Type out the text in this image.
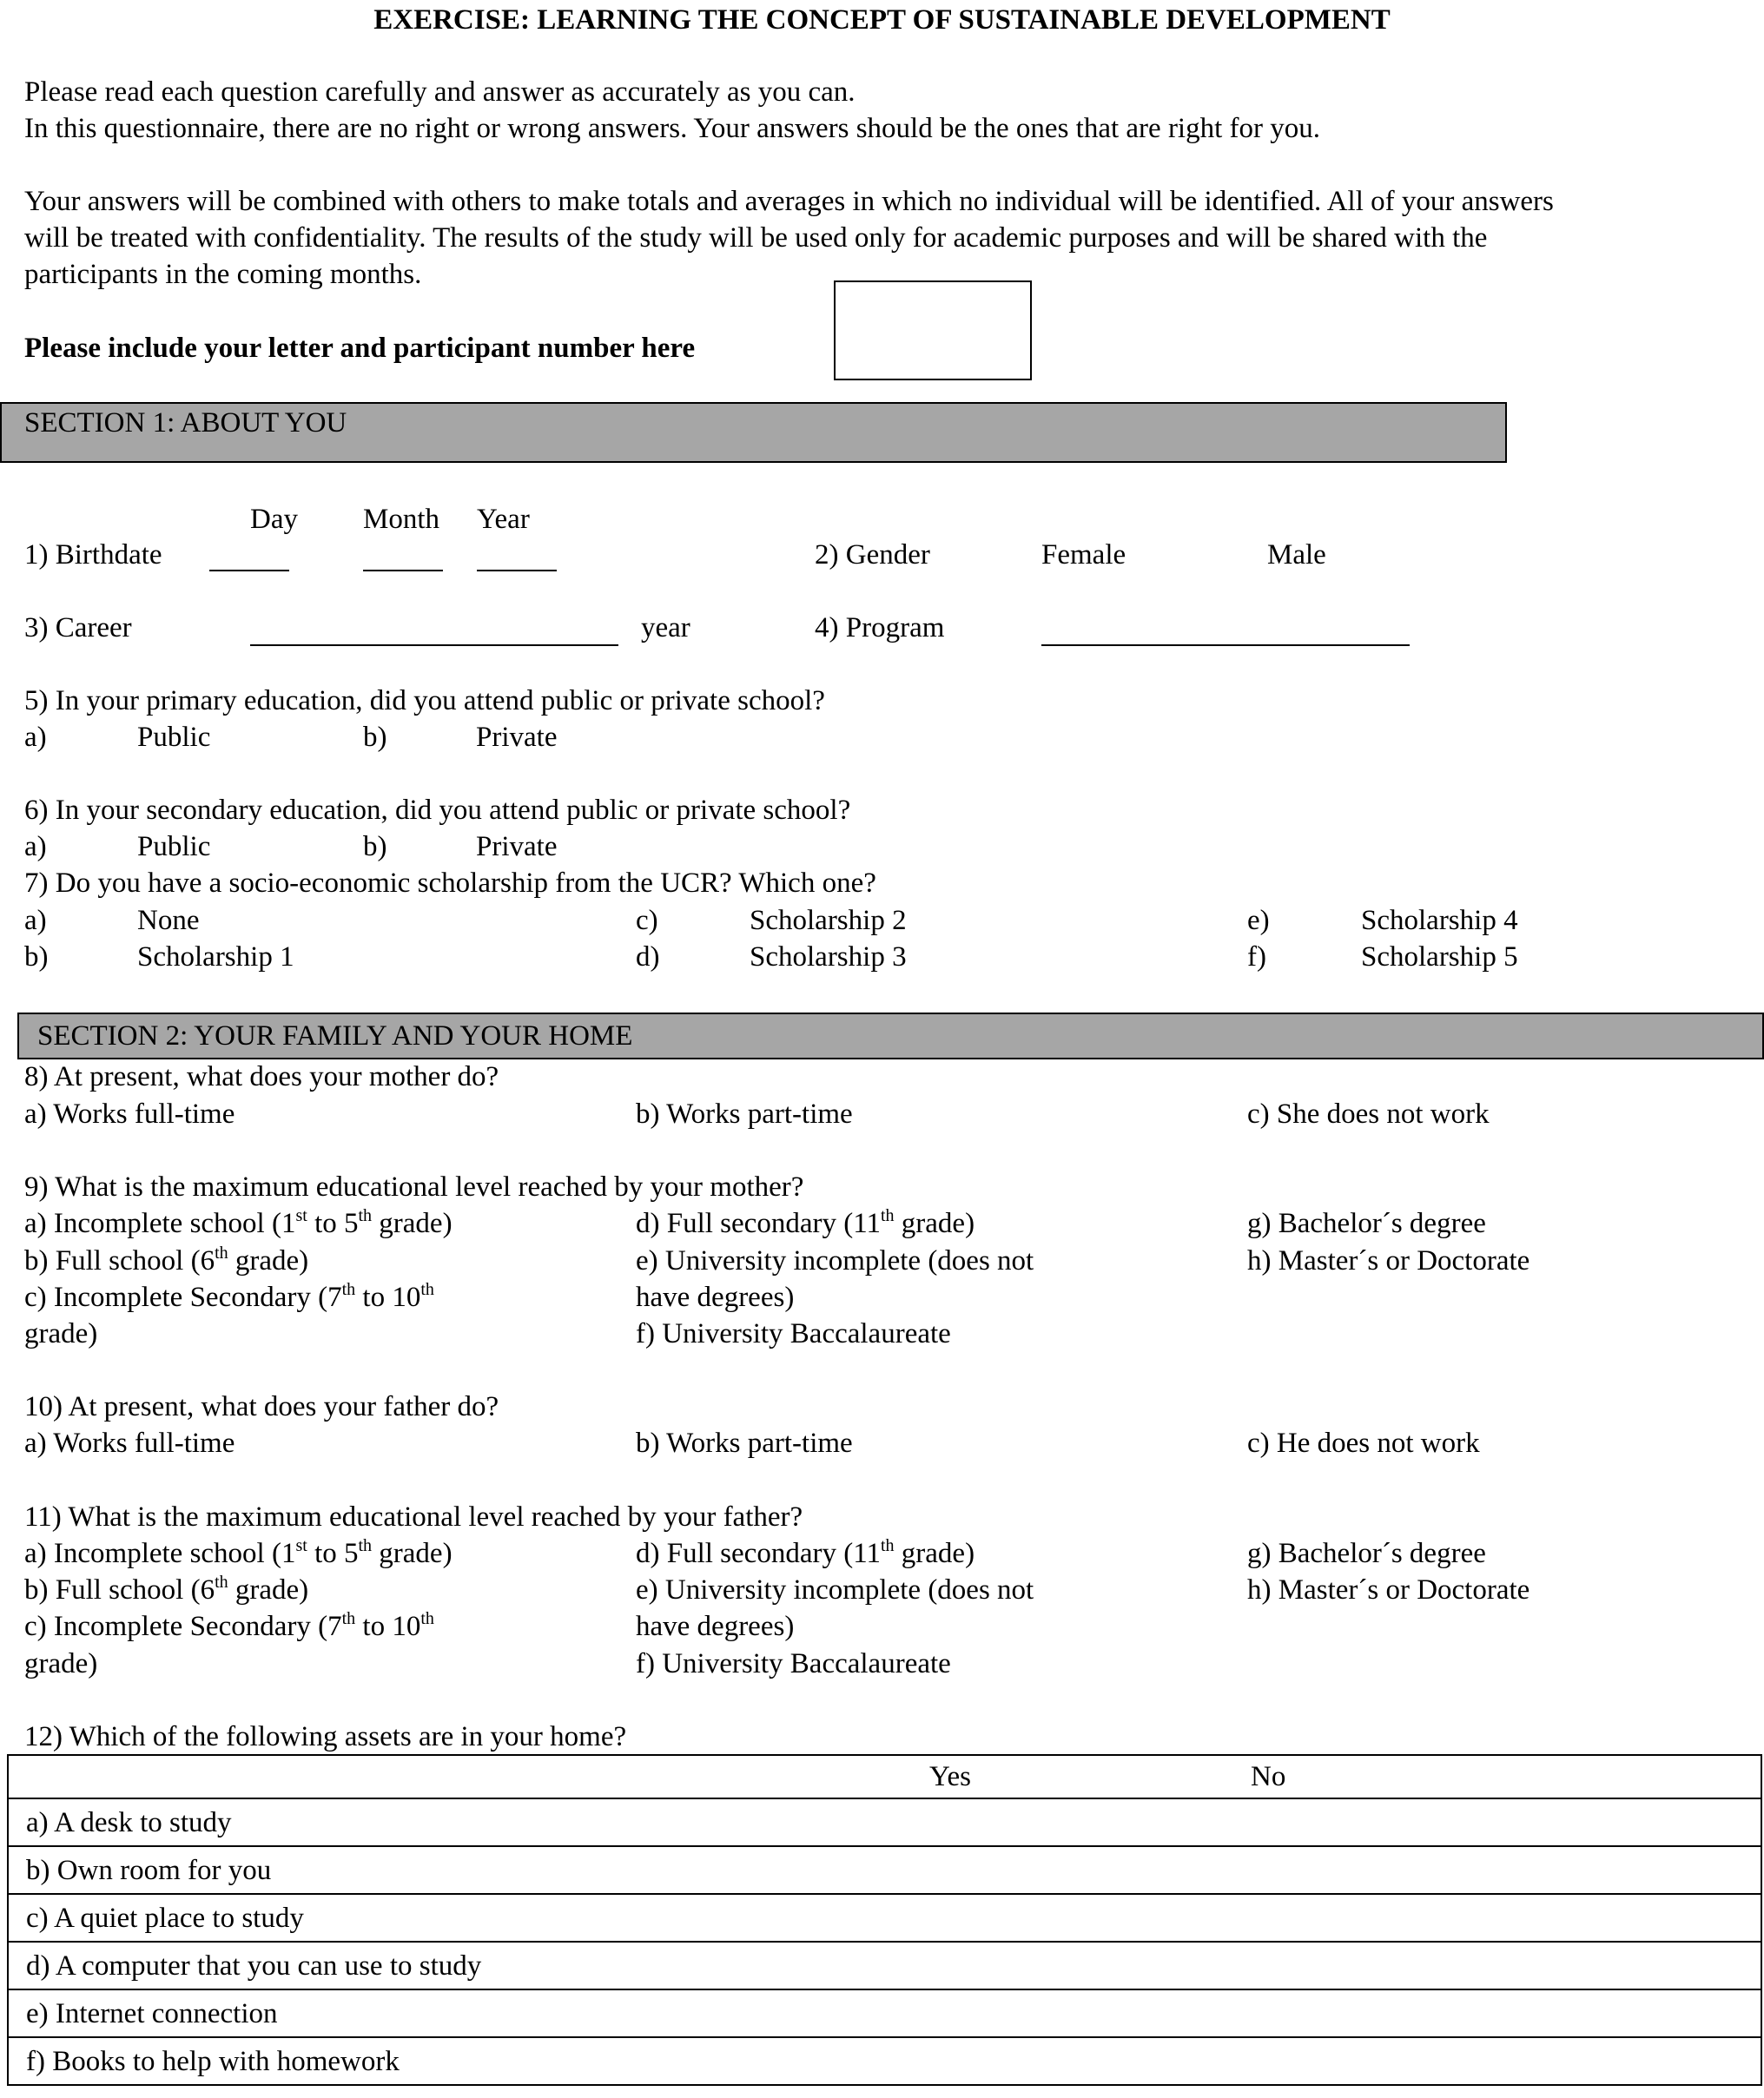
EXERCISE: LEARNING THE CONCEPT OF SUSTAINABLE DEVELOPMENT
Please read each question carefully and answer as accurately as you can.
In this questionnaire, there are no right or wrong answers. Your answers should be the ones that are right for you.
Your answers will be combined with others to make totals and averages in which no individual will be identified. All of your answers
will be treated with confidentiality. The results of the study will be used only for academic purposes and will be shared with the
participants in the coming months.
Please include your letter and participant number here
SECTION 1: ABOUT YOU
Day Month Year
1) Birthdate	2) Gender	Female	Male
3) Career	year	4) Program
5) In your primary education, did you attend public or private school?
a)	Public	b)	Private
6) In your secondary education, did you attend public or private school?
a)	Public	b)	Private
7) Do you have a socio-economic scholarship from the UCR? Which one?
a)	None
b)	Scholarship 1
c)	Scholarship 2
d)	Scholarship 3
e)	Scholarship 4
f)	Scholarship 5
SECTION 2: YOUR FAMILY AND YOUR HOME
8) At present, what does your mother do?
a) Works full-time	b) Works part-time	c) She does not work
9) What is the maximum educational level reached by your mother?
a) Incomplete school (1st to 5th grade)
b) Full school (6th grade)
c) Incomplete Secondary (7th to 10th
grade)
d) Full secondary (11th grade)
e) University incomplete (does not
have degrees)
f) University Baccalaureate
g) Bachelor´s degree
h) Master´s or Doctorate
10) At present, what does your father do?
a) Works full-time	b) Works part-time	c) He does not work
11) What is the maximum educational level reached by your father?
a) Incomplete school (1st to 5th grade)
b) Full school (6th grade)
c) Incomplete Secondary (7th to 10th
grade)
d) Full secondary (11th grade)
e) University incomplete (does not
have degrees)
f) University Baccalaureate
g) Bachelor´s degree
h) Master´s or Doctorate
12) Which of the following assets are in your home?
	Yes	No
a) A desk to study		
b) Own room for you		
c) A quiet place to study		
d) A computer that you can use to study		
e) Internet connection		
f) Books to help with homework		
